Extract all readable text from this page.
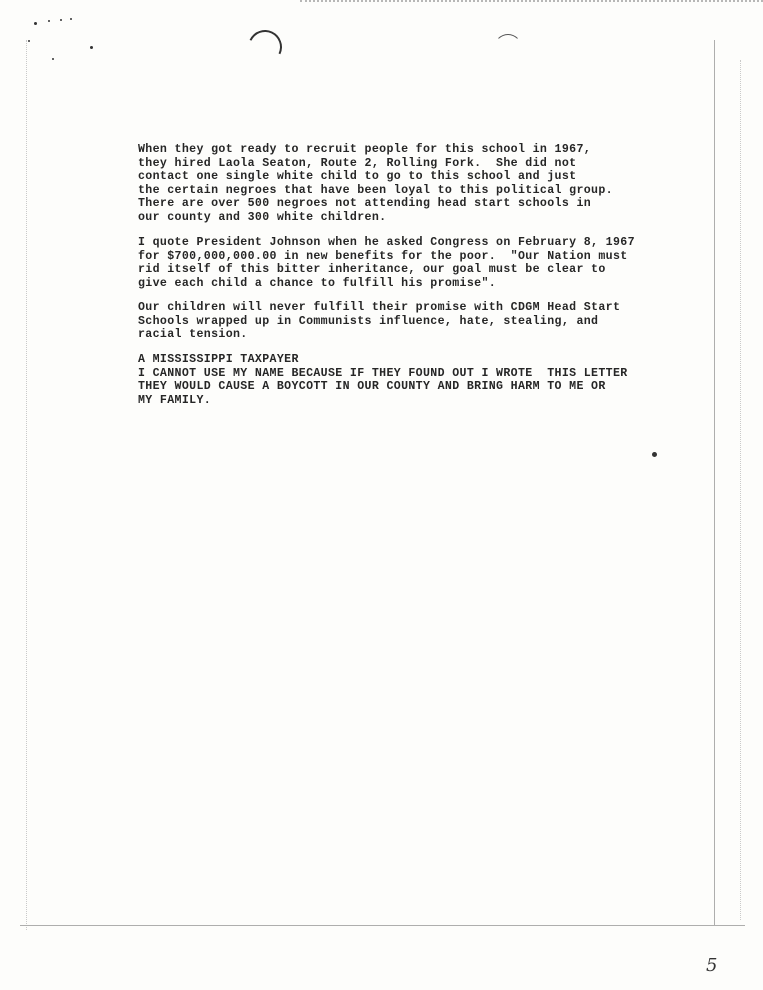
When they got ready to recruit people for this school in 1967,
they hired Laola Seaton, Route 2, Rolling Fork.  She did not
contact one single white child to go to this school and just
the certain negroes that have been loyal to this political group.
There are over 500 negroes not attending head start schools in
our county and 300 white children.
I quote President Johnson when he asked Congress on February 8, 1967
for $700,000,000.00 in new benefits for the poor.  "Our Nation must
rid itself of this bitter inheritance, our goal must be clear to
give each child a chance to fulfill his promise".
Our children will never fulfill their promise with CDGM Head Start
Schools wrapped up in Communists influence, hate, stealing, and
racial tension.
A MISSISSIPPI TAXPAYER
I CANNOT USE MY NAME BECAUSE IF THEY FOUND OUT I WROTE  THIS LETTER
THEY WOULD CAUSE A BOYCOTT IN OUR COUNTY AND BRING HARM TO ME OR
MY FAMILY.
5
